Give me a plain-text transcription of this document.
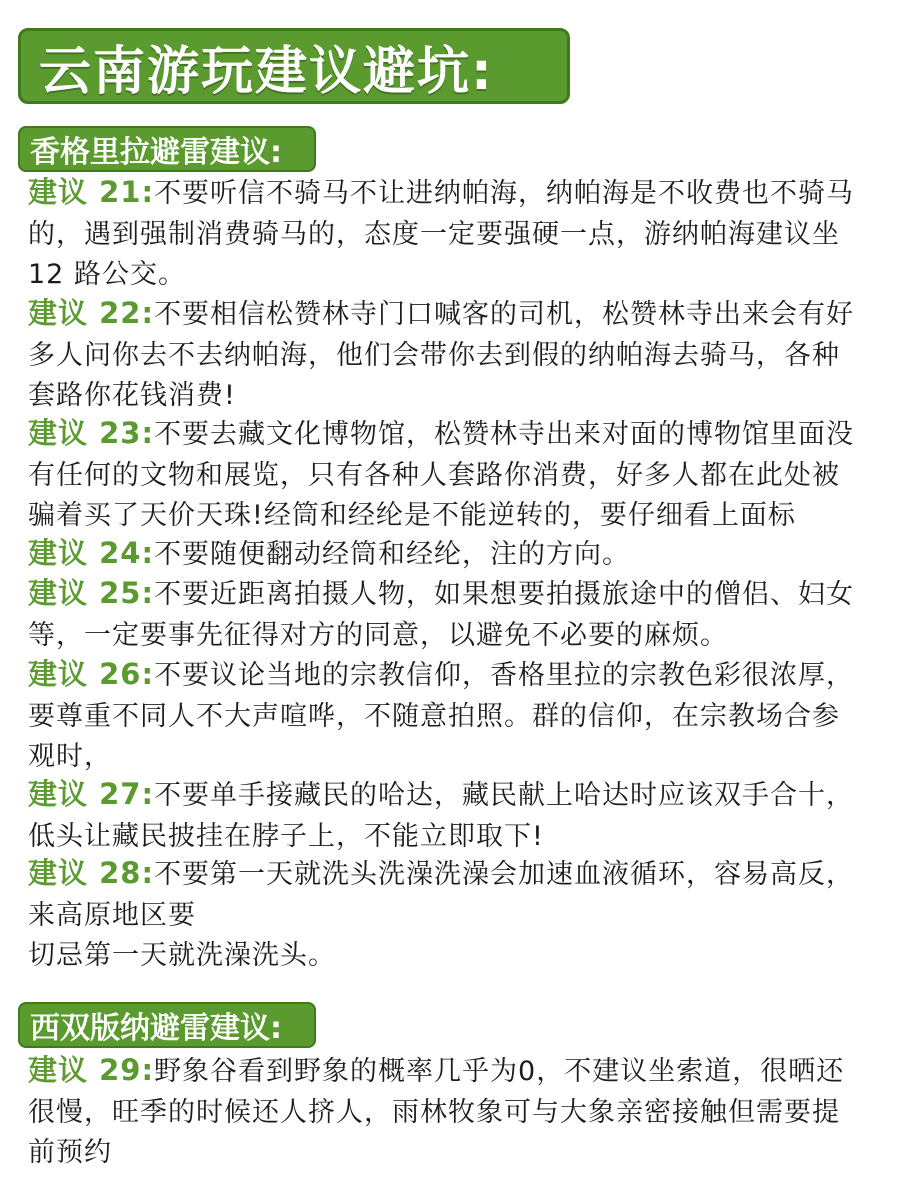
云南游玩建议避坑:
香格里拉避雷建议:
建议 21:不要听信不骑马不让进纳帕海，纳帕海是不收费也不骑马
的，遇到强制消费骑马的，态度一定要强硬一点，游纳帕海建议坐
12 路公交。
建议 22:不要相信松赞林寺门口喊客的司机，松赞林寺出来会有好
多人问你去不去纳帕海，他们会带你去到假的纳帕海去骑马，各种
套路你花钱消费!
建议 23:不要去藏文化博物馆，松赞林寺出来对面的博物馆里面没
有任何的文物和展览，只有各种人套路你消费，好多人都在此处被
骗着买了天价天珠!经筒和经纶是不能逆转的，要仔细看上面标
建议 24:不要随便翻动经筒和经纶，注的方向。
建议 25:不要近距离拍摄人物，如果想要拍摄旅途中的僧侣、妇女
等，一定要事先征得对方的同意，以避免不必要的麻烦。
建议 26:不要议论当地的宗教信仰，香格里拉的宗教色彩很浓厚，
要尊重不同人不大声喧哗，不随意拍照。群的信仰，在宗教场合参
观时，
建议 27:不要单手接藏民的哈达，藏民献上哈达时应该双手合十，
低头让藏民披挂在脖子上，不能立即取下!
建议 28:不要第一天就洗头洗澡洗澡会加速血液循环，容易高反，
来高原地区要
切忌第一天就洗澡洗头。
西双版纳避雷建议:
建议 29:野象谷看到野象的概率几乎为0，不建议坐索道，很晒还
很慢，旺季的时候还人挤人，雨林牧象可与大象亲密接触但需要提
前预约
